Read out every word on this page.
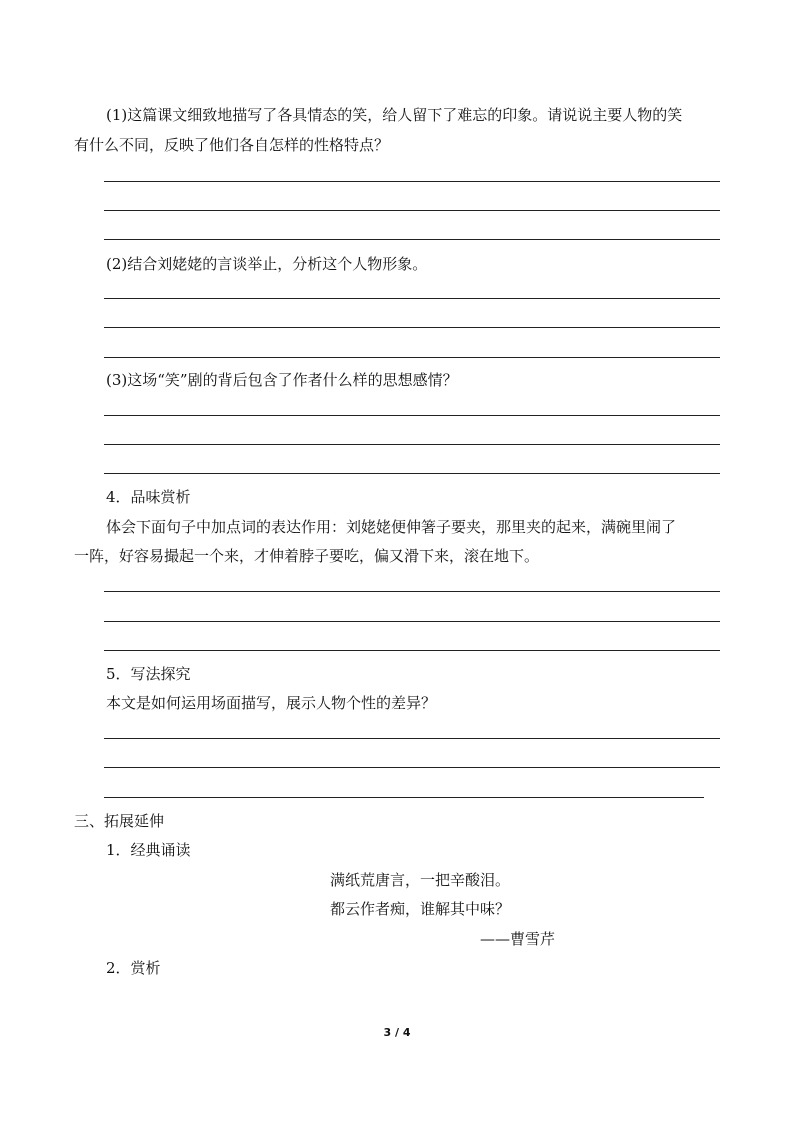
(1)这篇课文细致地描写了各具情态的笑，给人留下了难忘的印象。请说说主要人物的笑
有什么不同，反映了他们各自怎样的性格特点？
(2)结合刘姥姥的言谈举止，分析这个人物形象。
(3)这场“笑”剧的背后包含了作者什么样的思想感情？
4．品味赏析
体会下面句子中加点词的表达作用：刘姥姥便伸箸子要夹，那里夹的起来，满碗里闹了
一阵，好容易撮起一个来，才伸着脖子要吃，偏又滑下来，滚在地下。
5．写法探究
本文是如何运用场面描写，展示人物个性的差异？
三、拓展延伸
1．经典诵读
满纸荒唐言，一把辛酸泪。
都云作者痴，谁解其中味？
——曹雪芹
2．赏析
3 / 4
